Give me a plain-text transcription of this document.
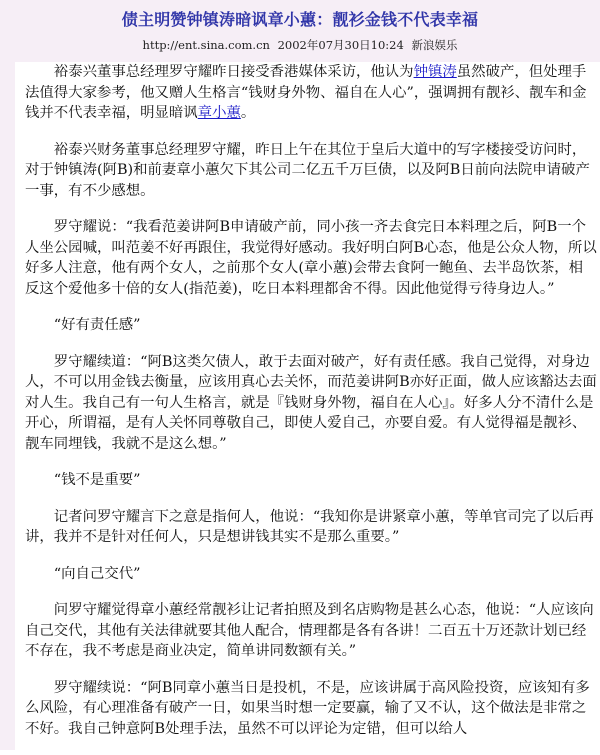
债主明赞钟镇涛暗讽章小蕙：靓衫金钱不代表幸福
http://ent.sina.com.cn 2002年07月30日10:24 新浪娱乐

裕泰兴董事总经理罗守耀昨日接受香港媒体采访，他认为钟镇涛虽然破产，但处理手法值得大家参考，他又赠人生格言“钱财身外物、福自在人心”，强调拥有靓衫、靓车和金钱并不代表幸福，明显暗讽章小蕙。

裕泰兴财务董事总经理罗守耀，昨日上午在其位于皇后大道中的写字楼接受访问时，对于钟镇涛(阿B)和前妻章小蕙欠下其公司二亿五千万巨债，以及阿B日前向法院申请破产一事，有不少感想。

罗守耀说：“我看范姜讲阿B申请破产前，同小孩一齐去食完日本料理之后，阿B一个人坐公园喊，叫范姜不好再跟住，我觉得好感动。我好明白阿B心态，他是公众人物，所以好多人注意，他有两个女人，之前那个女人(章小蕙)会带去食阿一鲍鱼、去半岛饮茶，相反这个爱他多十倍的女人(指范姜)，吃日本料理都舍不得。因此他觉得亏待身边人。”

“好有责任感”

罗守耀续道：“阿B这类欠债人，敢于去面对破产，好有责任感。我自己觉得，对身边人，不可以用金钱去衡量，应该用真心去关怀，而范姜讲阿B亦好正面，做人应该豁达去面对人生。我自己有一句人生格言，就是『钱财身外物，福自在人心』。好多人分不清什么是开心，所谓福，是有人关怀同尊敬自己，即使人爱自己，亦要自爱。有人觉得福是靓衫、靓车同埋钱，我就不是这么想。”

“钱不是重要”

记者问罗守耀言下之意是指何人，他说：“我知你是讲紧章小蕙，等单官司完了以后再讲，我并不是针对任何人，只是想讲钱其实不是那么重要。”

“向自己交代”

问罗守耀觉得章小蕙经常靓衫让记者拍照及到名店购物是甚么心态，他说：“人应该向自己交代，其他有关法律就要其他人配合，情理都是各有各讲！二百五十万还款计划已经不存在，我不考虑是商业决定，简单讲同数额有关。”

罗守耀续说：“阿B同章小蕙当日是投机，不是，应该讲属于高风险投资，应该知有多么风险，有心理准备有破产一日，如果当时想一定要赢，输了又不认，这个做法是非常之不好。我自己钟意阿B处理手法，虽然不可以评论为定错，但可以给人
